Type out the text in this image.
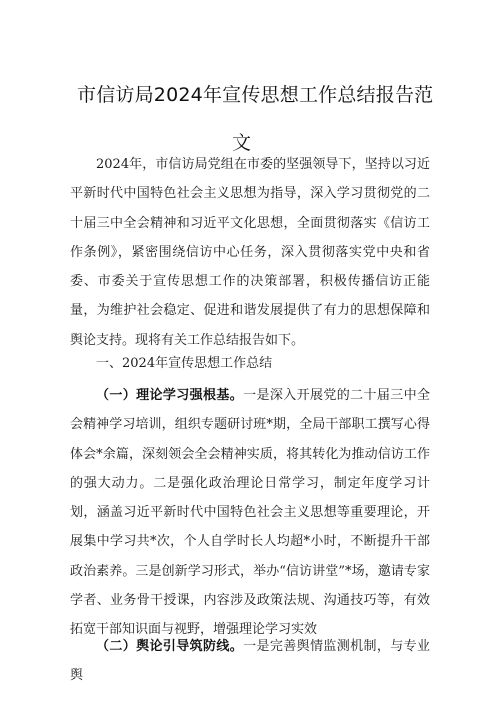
市信访局2024年宣传思想工作总结报告范
文

2024年，市信访局党组在市委的坚强领导下，坚持以习近平新时代中国特色社会主义思想为指导，深入学习贯彻党的二十届三中全会精神和习近平文化思想，全面贯彻落实《信访工作条例》，紧密围绕信访中心任务，深入贯彻落实党中央和省委、市委关于宣传思想工作的决策部署，积极传播信访正能量，为维护社会稳定、促进和谐发展提供了有力的思想保障和舆论支持。现将有关工作总结报告如下。

一、2024年宣传思想工作总结

（一）理论学习强根基。一是深入开展党的二十届三中全会精神学习培训，组织专题研讨班*期，全局干部职工撰写心得体会*余篇，深刻领会全会精神实质，将其转化为推动信访工作的强大动力。二是强化政治理论日常学习，制定年度学习计划，涵盖习近平新时代中国特色社会主义思想等重要理论，开展集中学习共*次，个人自学时长人均超*小时，不断提升干部政治素养。三是创新学习形式，举办“信访讲堂”*场，邀请专家学者、业务骨干授课，内容涉及政策法规、沟通技巧等，有效拓宽干部知识面与视野，增强理论学习实效

（二）舆论引导筑防线。一是完善舆情监测机制，与专业舆
